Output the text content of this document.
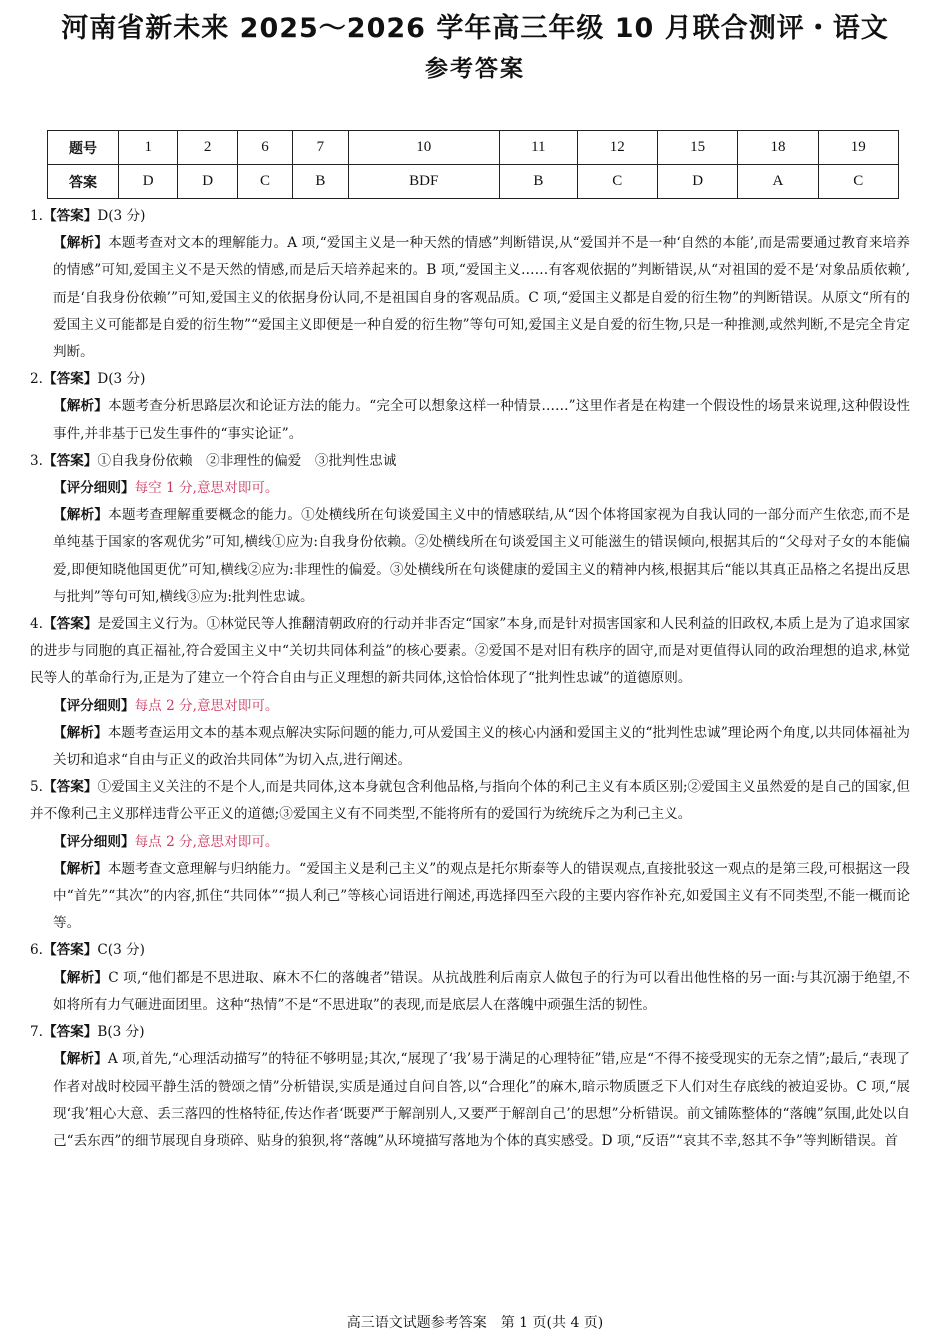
河南省新未来 2025～2026 学年高三年级 10 月联合测评・语文
参考答案
题号	1	2	6	7	10	11	12	15	18	19
答案	D	D	C	B	BDF	B	C	D	A	C

1.【答案】D(3 分)

【解析】本题考查对文本的理解能力。A 项,“爱国主义是一种天然的情感”判断错误,从“爱国并不是一种‘自然的本能’,而是需要通过教育来培养的情感”可知,爱国主义不是天然的情感,而是后天培养起来的。B 项,“爱国主义……有客观依据的”判断错误,从“对祖国的爱不是‘对象品质依赖’,而是‘自我身份依赖’”可知,爱国主义的依据身份认同,不是祖国自身的客观品质。C 项,“爱国主义都是自爱的衍生物”的判断错误。从原文“所有的爱国主义可能都是自爱的衍生物”“爱国主义即便是一种自爱的衍生物”等句可知,爱国主义是自爱的衍生物,只是一种推测,或然判断,不是完全肯定判断。

2.【答案】D(3 分)

【解析】本题考查分析思路层次和论证方法的能力。“完全可以想象这样一种情景……”这里作者是在构建一个假设性的场景来说理,这种假设性事件,并非基于已发生事件的“事实论证”。

3.【答案】①自我身份依赖　②非理性的偏爱　③批判性忠诚

【评分细则】每空 1 分,意思对即可。

【解析】本题考查理解重要概念的能力。①处横线所在句谈爱国主义中的情感联结,从“因个体将国家视为自我认同的一部分而产生依恋,而不是单纯基于国家的客观优劣”可知,横线①应为:自我身份依赖。②处横线所在句谈爱国主义可能滋生的错误倾向,根据其后的“父母对子女的本能偏爱,即便知晓他国更优”可知,横线②应为:非理性的偏爱。③处横线所在句谈健康的爱国主义的精神内核,根据其后“能以其真正品格之名提出反思与批判”等句可知,横线③应为:批判性忠诚。

4.【答案】是爱国主义行为。①林觉民等人推翻清朝政府的行动并非否定“国家”本身,而是针对损害国家和人民利益的旧政权,本质上是为了追求国家的进步与同胞的真正福祉,符合爱国主义中“关切共同体利益”的核心要素。②爱国不是对旧有秩序的固守,而是对更值得认同的政治理想的追求,林觉民等人的革命行为,正是为了建立一个符合自由与正义理想的新共同体,这恰恰体现了“批判性忠诚”的道德原则。

【评分细则】每点 2 分,意思对即可。

【解析】本题考查运用文本的基本观点解决实际问题的能力,可从爱国主义的核心内涵和爱国主义的“批判性忠诚”理论两个角度,以共同体福祉为关切和追求“自由与正义的政治共同体”为切入点,进行阐述。

5.【答案】①爱国主义关注的不是个人,而是共同体,这本身就包含利他品格,与指向个体的利己主义有本质区别;②爱国主义虽然爱的是自己的国家,但并不像利己主义那样违背公平正义的道德;③爱国主义有不同类型,不能将所有的爱国行为统统斥之为利己主义。

【评分细则】每点 2 分,意思对即可。

【解析】本题考查文意理解与归纳能力。“爱国主义是利己主义”的观点是托尔斯泰等人的错误观点,直接批驳这一观点的是第三段,可根据这一段中“首先”“其次”的内容,抓住“共同体”“损人利己”等核心词语进行阐述,再选择四至六段的主要内容作补充,如爱国主义有不同类型,不能一概而论等。

6.【答案】C(3 分)

【解析】C 项,“他们都是不思进取、麻木不仁的落魄者”错误。从抗战胜利后南京人做包子的行为可以看出他性格的另一面:与其沉溺于绝望,不如将所有力气砸进面团里。这种“热情”不是“不思进取”的表现,而是底层人在落魄中顽强生活的韧性。

7.【答案】B(3 分)

【解析】A 项,首先,“心理活动描写”的特征不够明显;其次,“展现了‘我’易于满足的心理特征”错,应是“不得不接受现实的无奈之情”;最后,“表现了作者对战时校园平静生活的赞颂之情”分析错误,实质是通过自问自答,以“合理化”的麻木,暗示物质匮乏下人们对生存底线的被迫妥协。C 项,“展现‘我’粗心大意、丢三落四的性格特征,传达作者‘既要严于解剖别人,又要严于解剖自己’的思想”分析错误。前文铺陈整体的“落魄”氛围,此处以自己“丢东西”的细节展现自身琐碎、贴身的狼狈,将“落魄”从环境描写落地为个体的真实感受。D 项,“反语”“哀其不幸,怒其不争”等判断错误。首

高三语文试题参考答案　第 1 页(共 4 页)
